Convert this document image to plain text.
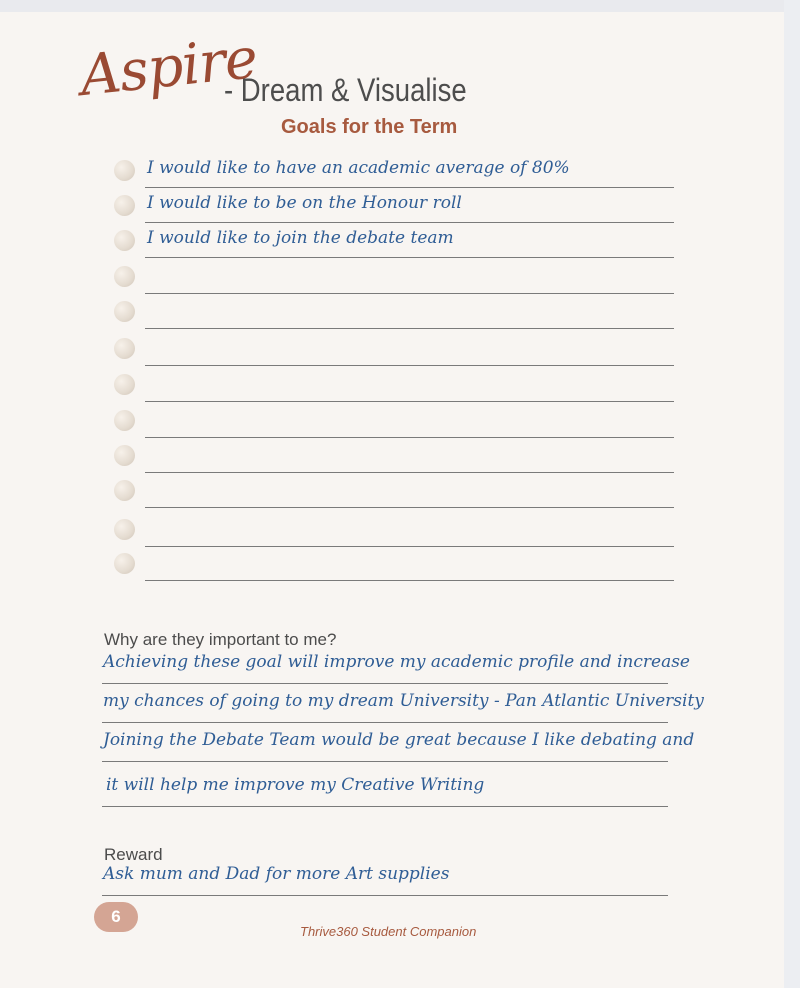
Aspire
- Dream & Visualise
Goals for the Term
I would like to have an academic average of 80%
I would like to be on the Honour roll
I would like to join the debate team
Why are they important to me?
Achieving these goal will improve my academic profile and increase
my chances of going to my dream University - Pan Atlantic University
Joining the Debate Team would be great because I like debating and
it will help me improve my Creative Writing
Reward
Ask mum and Dad for more Art supplies
6
Thrive360 Student Companion
